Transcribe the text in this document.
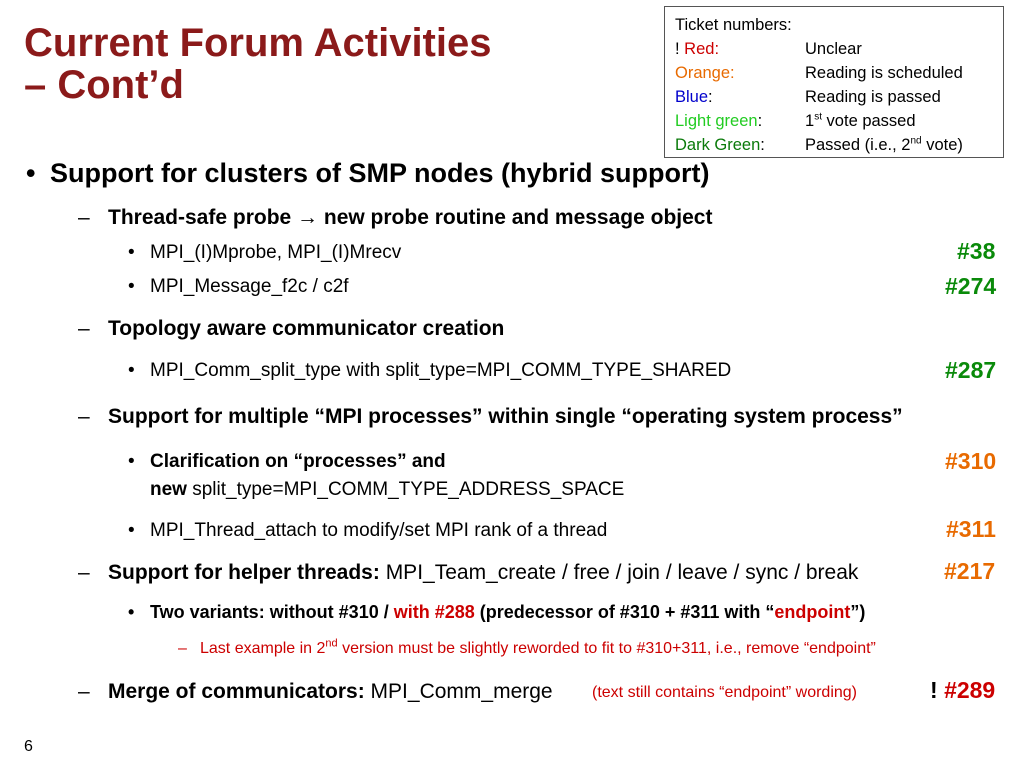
Current Forum Activities
– Cont’d
Ticket numbers:
! Red:	Unclear
Orange:	Reading is scheduled
Blue:	Reading is passed
Light green:	1st vote passed
Dark Green:	Passed (i.e., 2nd vote)
• Support for clusters of SMP nodes (hybrid support)
– Thread-safe probe → new probe routine and message object
• MPI_(I)Mprobe, MPI_(I)Mrecv	#38
• MPI_Message_f2c / c2f	#274
– Topology aware communicator creation
• MPI_Comm_split_type with split_type=MPI_COMM_TYPE_SHARED	#287
– Support for multiple “MPI processes” within single “operating system process”
• Clarification on “processes” and
new split_type=MPI_COMM_TYPE_ADDRESS_SPACE
#310
• MPI_Thread_attach to modify/set MPI rank of a thread	#311
– Support for helper threads: MPI_Team_create / free / join / leave / sync / break	#217
• Two variants: without #310 / with #288 (predecessor of #310 + #311 with “endpoint”)
– Last example in 2nd version must be slightly reworded to fit to #310+311, i.e., remove “endpoint”
– Merge of communicators: MPI_Comm_merge (text still contains “endpoint” wording)	! #289
6
